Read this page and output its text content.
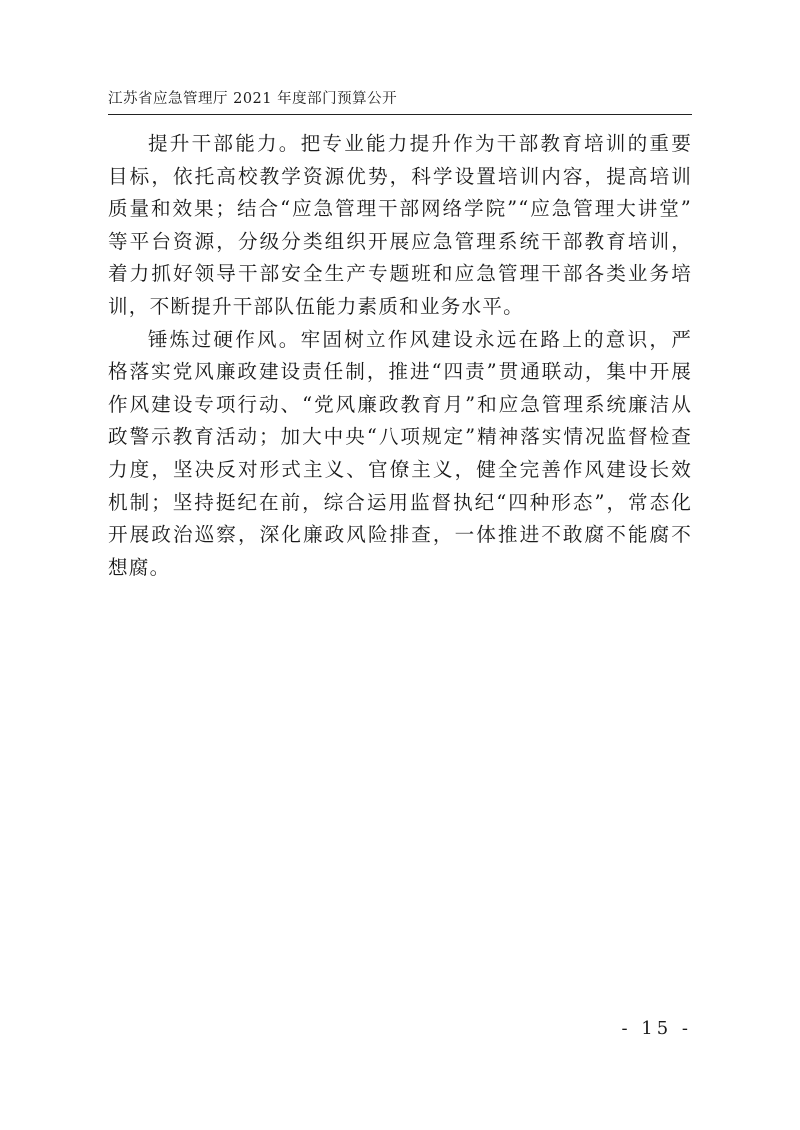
江苏省应急管理厅 2021 年度部门预算公开

提升干部能力。把专业能力提升作为干部教育培训的重要
目标，依托高校教学资源优势，科学设置培训内容，提高培训
质量和效果；结合“应急管理干部网络学院”“应急管理大讲堂”
等平台资源，分级分类组织开展应急管理系统干部教育培训，
着力抓好领导干部安全生产专题班和应急管理干部各类业务培
训，不断提升干部队伍能力素质和业务水平。

锤炼过硬作风。牢固树立作风建设永远在路上的意识，严
格落实党风廉政建设责任制，推进“四责”贯通联动，集中开展
作风建设专项行动、“党风廉政教育月”和应急管理系统廉洁从
政警示教育活动；加大中央“八项规定”精神落实情况监督检查
力度，坚决反对形式主义、官僚主义，健全完善作风建设长效
机制；坚持挺纪在前，综合运用监督执纪“四种形态”，常态化
开展政治巡察，深化廉政风险排查，一体推进不敢腐不能腐不
想腐。

- 15 -
